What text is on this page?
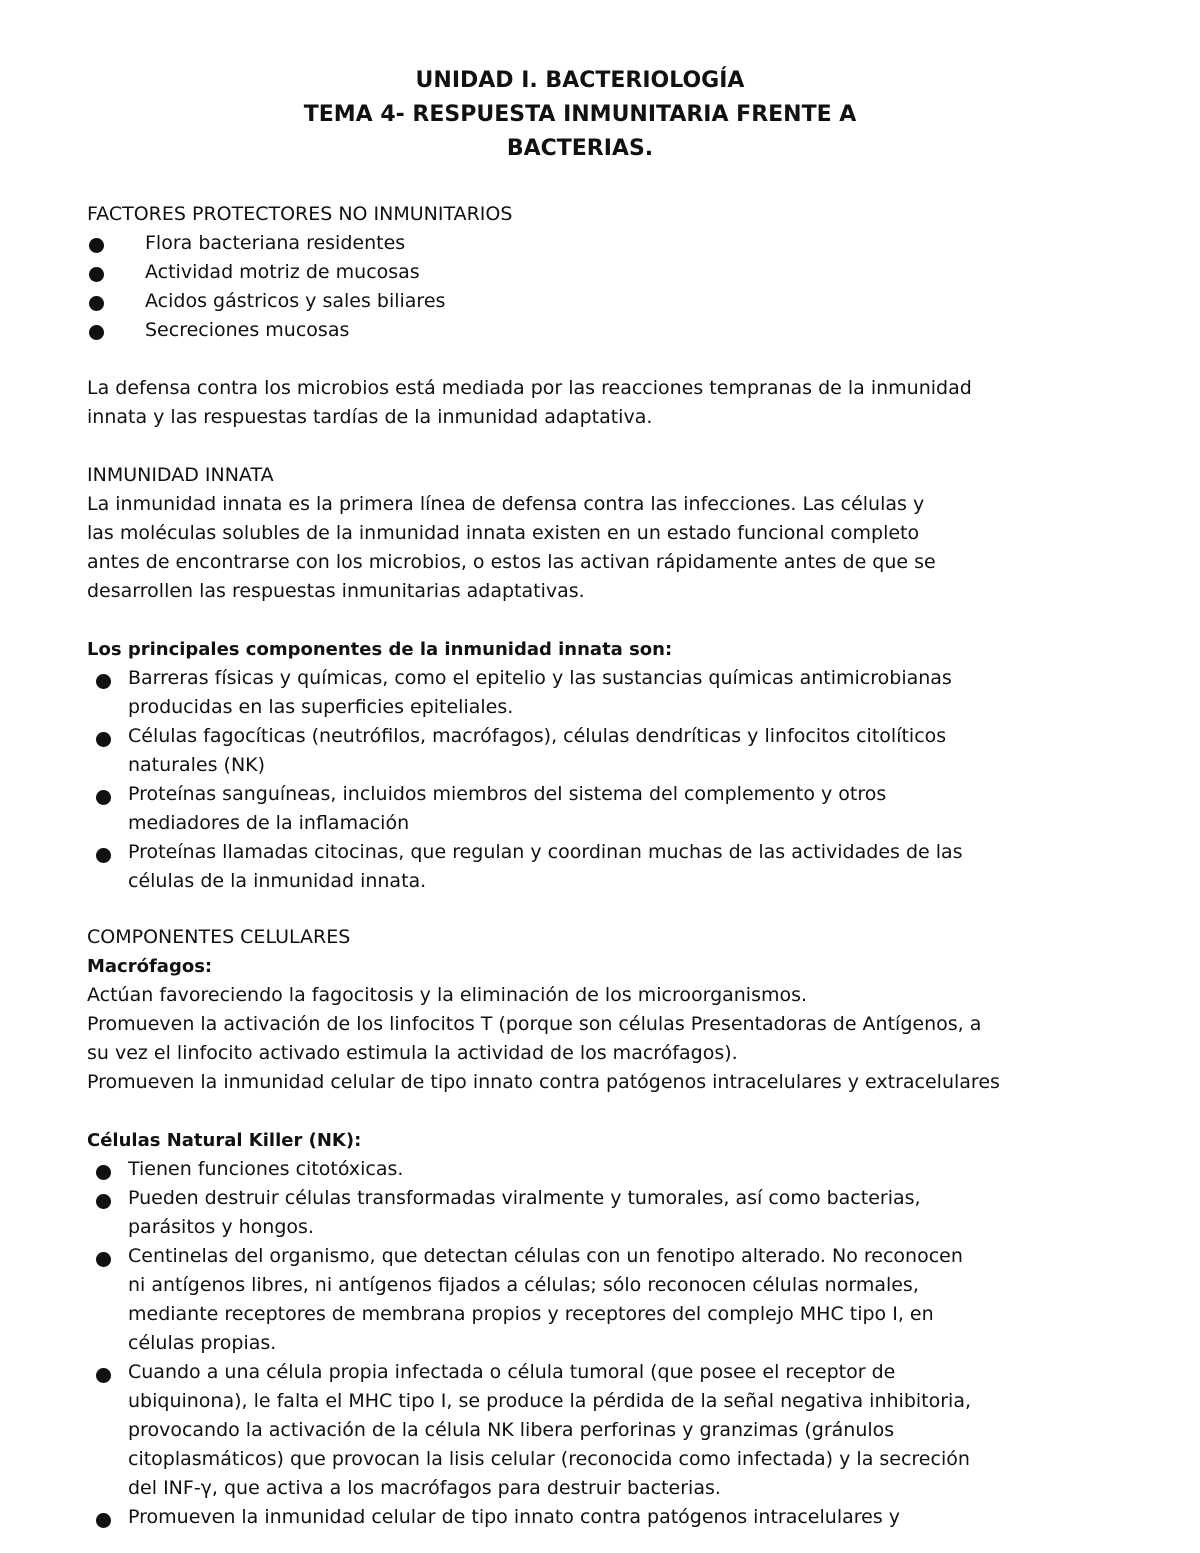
UNIDAD I. BACTERIOLOGÍA
TEMA 4- RESPUESTA INMUNITARIA FRENTE A
BACTERIAS.

FACTORES PROTECTORES NO INMUNITARIOS

Flora bacteriana residentes
Actividad motriz de mucosas
Acidos gástricos y sales biliares
Secreciones mucosas

La defensa contra los microbios está mediada por las reacciones tempranas de la inmunidad
innata y las respuestas tardías de la inmunidad adaptativa.

INMUNIDAD INNATA

La inmunidad innata es la primera línea de defensa contra las infecciones. Las células y
las moléculas solubles de la inmunidad innata existen en un estado funcional completo
antes de encontrarse con los microbios, o estos las activan rápidamente antes de que se
desarrollen las respuestas inmunitarias adaptativas.

Los principales componentes de la inmunidad innata son:

Barreras físicas y químicas, como el epitelio y las sustancias químicas antimicrobianas
producidas en las superficies epiteliales.
Células fagocíticas (neutrófilos, macrófagos), células dendríticas y linfocitos citolíticos
naturales (NK)
Proteínas sanguíneas, incluidos miembros del sistema del complemento y otros
mediadores de la inflamación
Proteínas llamadas citocinas, que regulan y coordinan muchas de las actividades de las
células de la inmunidad innata.

COMPONENTES CELULARES

Macrófagos:

Actúan favoreciendo la fagocitosis y la eliminación de los microorganismos.
Promueven la activación de los linfocitos T (porque son células Presentadoras de Antígenos, a
su vez el linfocito activado estimula la actividad de los macrófagos).
Promueven la inmunidad celular de tipo innato contra patógenos intracelulares y extracelulares

Células Natural Killer (NK):

Tienen funciones citotóxicas.
Pueden destruir células transformadas viralmente y tumorales, así como bacterias,
parásitos y hongos.
Centinelas del organismo, que detectan células con un fenotipo alterado. No reconocen
ni antígenos libres, ni antígenos fijados a células; sólo reconocen células normales,
mediante receptores de membrana propios y receptores del complejo MHC tipo I, en
células propias.
Cuando a una célula propia infectada o célula tumoral (que posee el receptor de
ubiquinona), le falta el MHC tipo I, se produce la pérdida de la señal negativa inhibitoria,
provocando la activación de la célula NK libera perforinas y granzimas (gránulos
citoplasmáticos) que provocan la lisis celular (reconocida como infectada) y la secreción
del INF-γ, que activa a los macrófagos para destruir bacterias.
Promueven la inmunidad celular de tipo innato contra patógenos intracelulares y
